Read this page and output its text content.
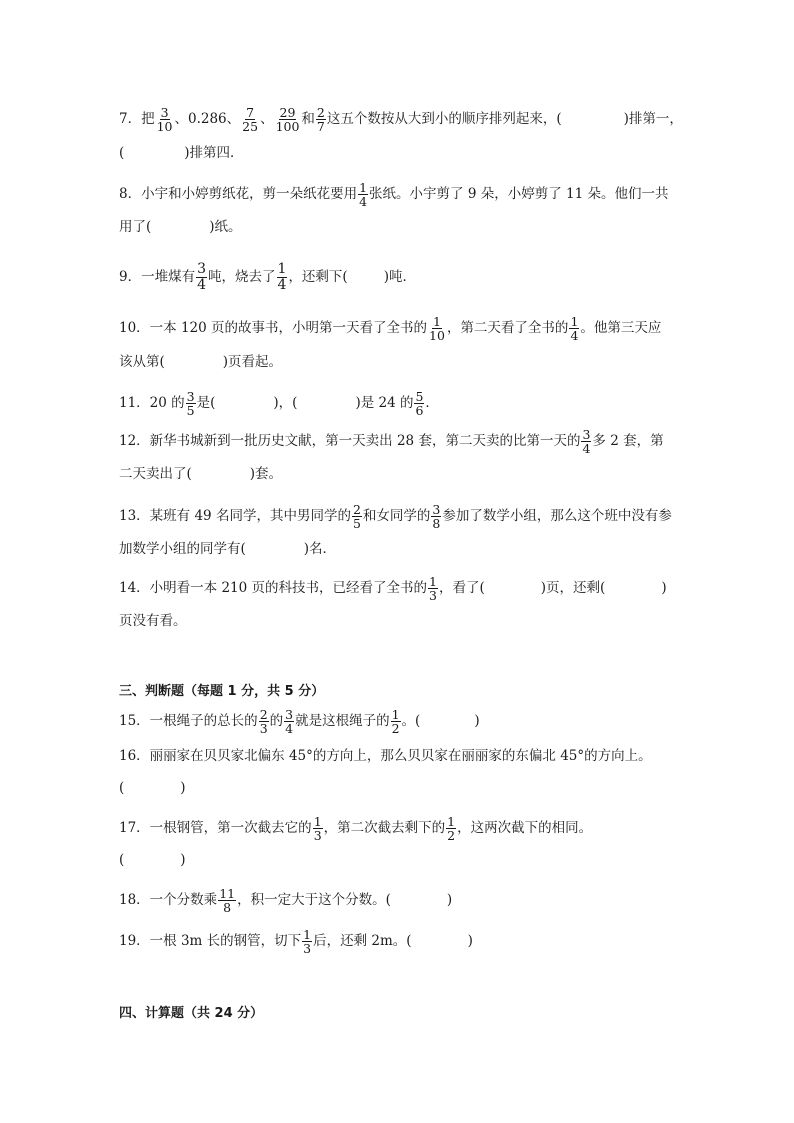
7．把 $\frac{3}{10}$ 、0.286、 $\frac{7}{25}$ 、 $\frac{29}{100}$ 和 $\frac{2}{7}$ 这五个数按从大到小的顺序排列起来，(	)排第一，
(	)排第四．
8．小宇和小婷剪纸花，剪一朵纸花要用 $\frac{1}{4}$ 张纸。小宇剪了 9 朵，小婷剪了 11 朵。他们一共
用了(	)纸。
9．一堆煤有 $\frac{3}{4}$ 吨，烧去了 $\frac{1}{4}$ ，还剩下(	)吨．
10．一本 120 页的故事书，小明第一天看了全书的 $\frac{1}{10}$ ，第二天看了全书的 $\frac{1}{4}$ 。他第三天应
该从第(	)页看起。
11．20 的 $\frac{3}{5}$ 是(	)，(	)是 24 的 $\frac{5}{6}$ ．
12．新华书城新到一批历史文献，第一天卖出 28 套，第二天卖的比第一天的 $\frac{3}{4}$ 多 2 套，第
二天卖出了(	)套。
13．某班有 49 名同学，其中男同学的 $\frac{2}{5}$ 和女同学的 $\frac{3}{8}$ 参加了数学小组，那么这个班中没有参
加数学小组的同学有(	)名．
14．小明看一本 210 页的科技书，已经看了全书的 $\frac{1}{3}$ ，看了(	)页，还剩(	)
页没有看。
三、判断题（每题 1 分，共 5 分）
15．一根绳子的总长的 $\frac{2}{3}$ 的 $\frac{3}{4}$ 就是这根绳子的 $\frac{1}{2}$ 。(	)
16．丽丽家在贝贝家北偏东 45°的方向上，那么贝贝家在丽丽家的东偏北 45°的方向上。
(	)
17．一根钢管，第一次截去它的 $\frac{1}{3}$ ，第二次截去剩下的 $\frac{1}{2}$ ，这两次截下的相同。
(	)
18．一个分数乘 $\frac{11}{8}$ ，积一定大于这个分数。(	)
19．一根 3m 长的钢管，切下 $\frac{1}{3}$ 后，还剩 2m。(	)
四、计算题（共 24 分）
